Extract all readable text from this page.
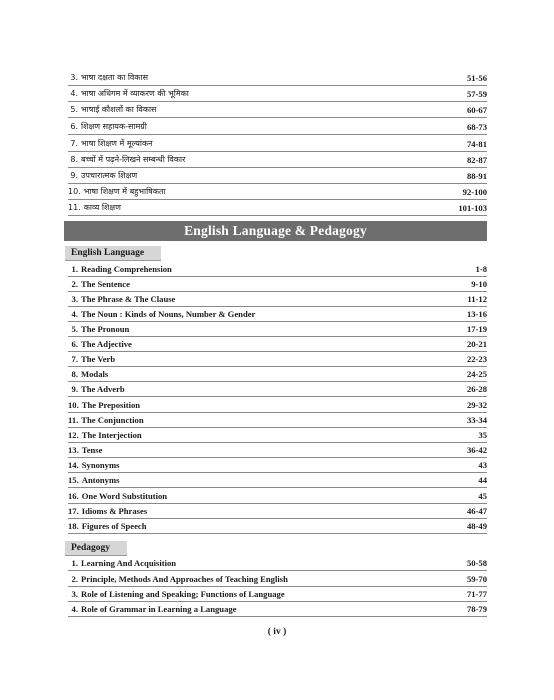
3. भाषा दक्षता का विकास	51-56
4. भाषा अधिगम में व्याकरण की भूमिका	57-59
5. भाषाई कौशलों का विकास	60-67
6. शिक्षण सहायक-सामग्री	68-73
7. भाषा शिक्षण में मूल्यांकन	74-81
8. बच्चों में पढ़ने-लिखने सम्बन्धी विकार	82-87
9. उपचारात्मक शिक्षण	88-91
10. भाषा शिक्षण में बहुभाषिकता	92-100
11. काव्य शिक्षण	101-103
English Language & Pedagogy
English Language
1. Reading Comprehension	1-8
2. The Sentence	9-10
3. The Phrase & The Clause	11-12
4. The Noun : Kinds of Nouns, Number & Gender	13-16
5. The Pronoun	17-19
6. The Adjective	20-21
7. The Verb	22-23
8. Modals	24-25
9. The Adverb	26-28
10. The Preposition	29-32
11. The Conjunction	33-34
12. The Interjection	35
13. Tense	36-42
14. Synonyms	43
15. Antonyms	44
16. One Word Substitution	45
17. Idioms & Phrases	46-47
18. Figures of Speech	48-49
Pedagogy
1. Learning And Acquisition	50-58
2. Principle, Methods And Approaches of Teaching English	59-70
3. Role of Listening and Speaking; Functions of Language	71-77
4. Role of Grammar in Learning a Language	78-79
( iv )
